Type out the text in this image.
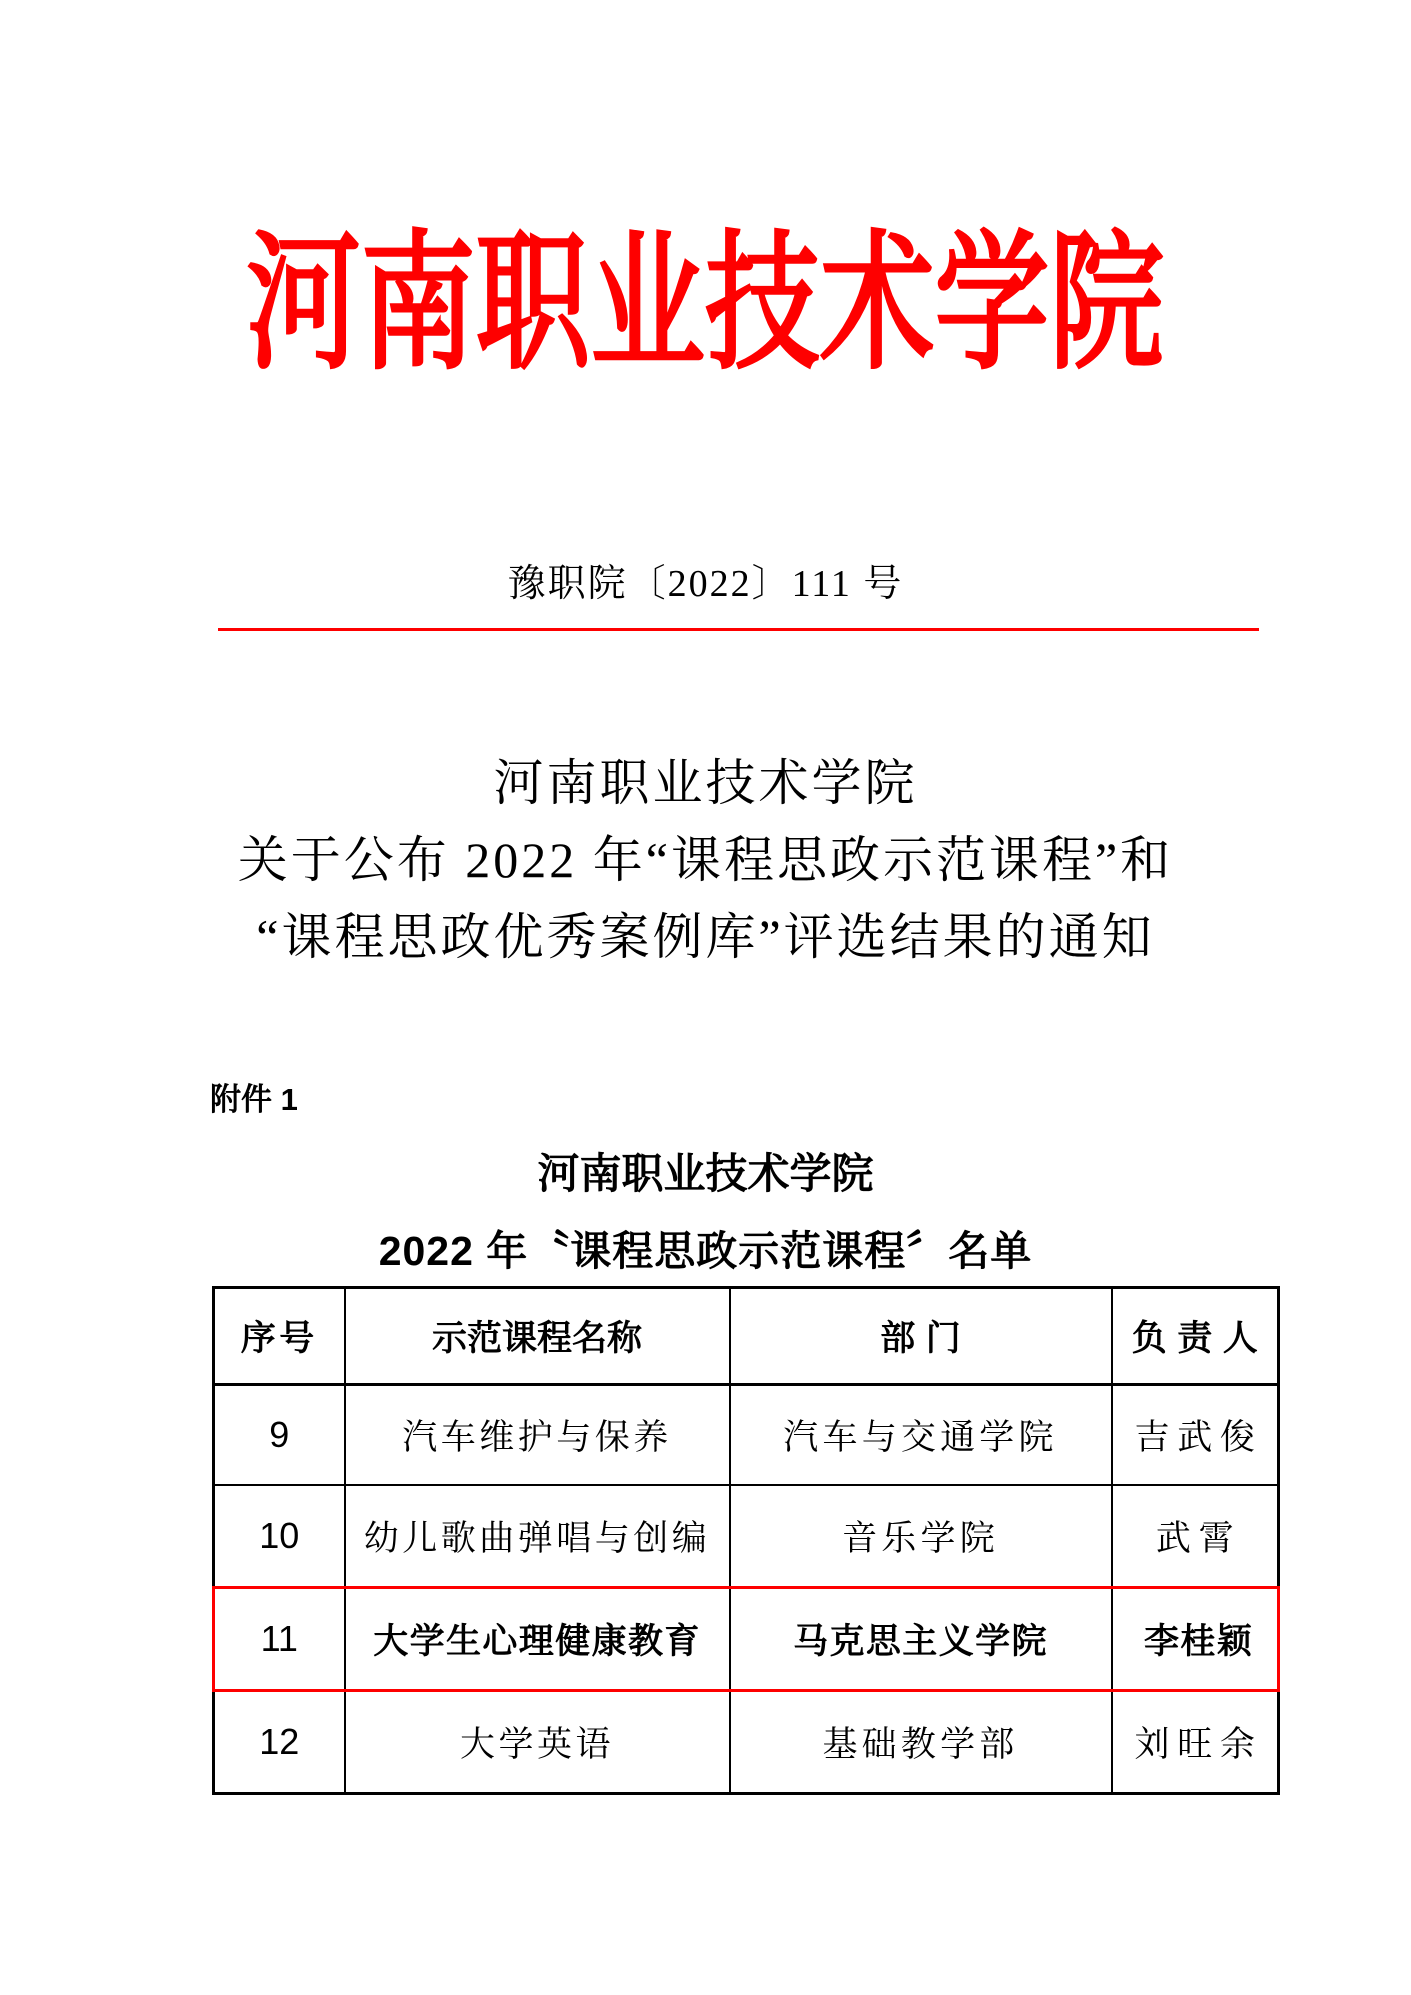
河南职业技术学院
豫职院〔2022〕111 号
河南职业技术学院
关于公布 2022 年“课程思政示范课程”和
“课程思政优秀案例库”评选结果的通知
附件 1
河南职业技术学院
2022 年〝课程思政示范课程〞名单
序号	示范课程名称	部门	负责人
9	汽车维护与保养	汽车与交通学院	吉武俊
10	幼儿歌曲弹唱与创编	音乐学院	武霄
11	大学生心理健康教育	马克思主义学院	李桂颖
12	大学英语	基础教学部	刘旺余
